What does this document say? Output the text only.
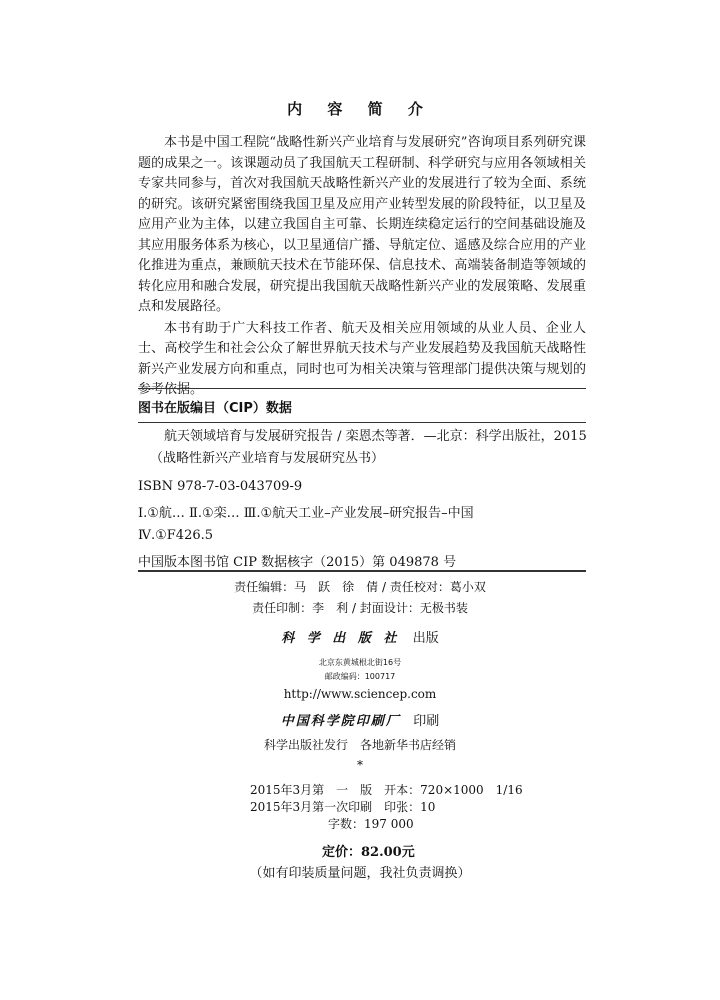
内 容 简 介

本书是中国工程院“战略性新兴产业培育与发展研究”咨询项目系列研究课题的成果之一。该课题动员了我国航天工程研制、科学研究与应用各领域相关专家共同参与，首次对我国航天战略性新兴产业的发展进行了较为全面、系统的研究。该研究紧密围绕我国卫星及应用产业转型发展的阶段特征，以卫星及应用产业为主体，以建立我国自主可靠、长期连续稳定运行的空间基础设施及其应用服务体系为核心，以卫星通信广播、导航定位、遥感及综合应用的产业化推进为重点，兼顾航天技术在节能环保、信息技术、高端装备制造等领域的转化应用和融合发展，研究提出我国航天战略性新兴产业的发展策略、发展重点和发展路径。

本书有助于广大科技工作者、航天及相关应用领域的从业人员、企业人士、高校学生和社会公众了解世界航天技术与产业发展趋势及我国航天战略性新兴产业发展方向和重点，同时也可为相关决策与管理部门提供决策与规划的参考依据。

图书在版编目（CIP）数据
航天领域培育与发展研究报告 / 栾恩杰等著．—北京：科学出版社，2015
（战略性新兴产业培育与发展研究丛书）
ISBN 978-7-03-043709-9
Ⅰ.①航… Ⅱ.①栾… Ⅲ.①航天工业–产业发展–研究报告–中国
Ⅳ.①F426.5
中国版本图书馆 CIP 数据核字（2015）第 049878 号
责任编辑：马　跃　徐　倩 / 责任校对：葛小双
责任印制：李　利 / 封面设计：无极书装
科 学 出 版 社 出版
北京东黄城根北街16号
邮政编码：100717
http://www.sciencep.com
中国科学院印刷厂 印刷
科学出版社发行　各地新华书店经销
*
2015年3月第　一　版　开本：720×1000　1/16
2015年3月第一次印刷　印张：10
字数：197 000
定价：82.00元
（如有印装质量问题，我社负责调换）
